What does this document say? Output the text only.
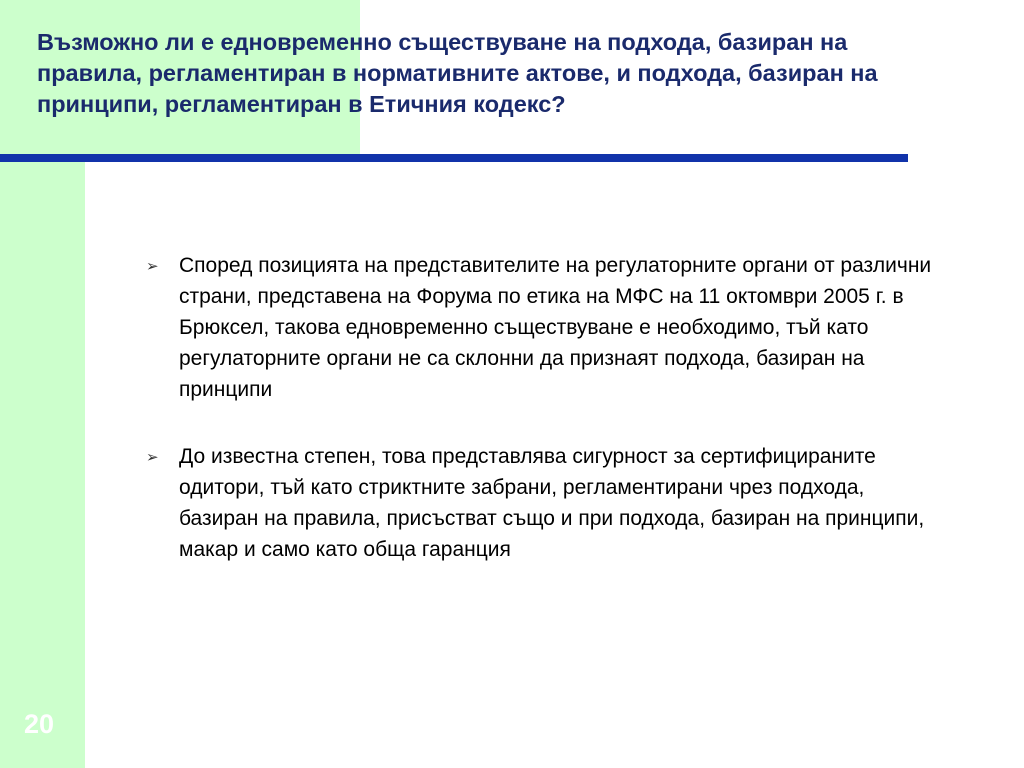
Възможно ли е едновременно съществуване на подхода, базиран на правила, регламентиран в нормативните актове, и подхода, базиран на принципи, регламентиран в Етичния кодекс?
➢ Според позицията на представителите на регулаторните органи от различни страни, представена на Форума по етика на МФС на 11 октомври 2005 г. в Брюксел, такова едновременно съществуване е необходимо, тъй като регулаторните органи не са склонни да признаят подхода, базиран на принципи
➢ До известна степен, това представлява сигурност за сертифицираните одитори, тъй като стриктните забрани, регламентирани чрез подхода, базиран на правила, присъстват също и при подхода, базиран на принципи, макар и само като обща гаранция
20
